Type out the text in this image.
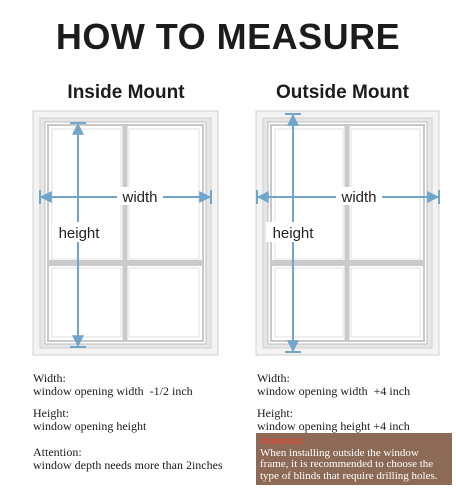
HOW TO MEASURE
Inside Mount	Outside Mount
width
height
width
height
Width:
window opening width  -1/2 inch
Height:
window opening height
Attention:
window depth needs more than 2inches
Width:
window opening width  +4 inch
Height:
window opening height +4 inch
Attention:
When installing outside the window frame, it is recommended to choose the type of blinds that require drilling holes.
